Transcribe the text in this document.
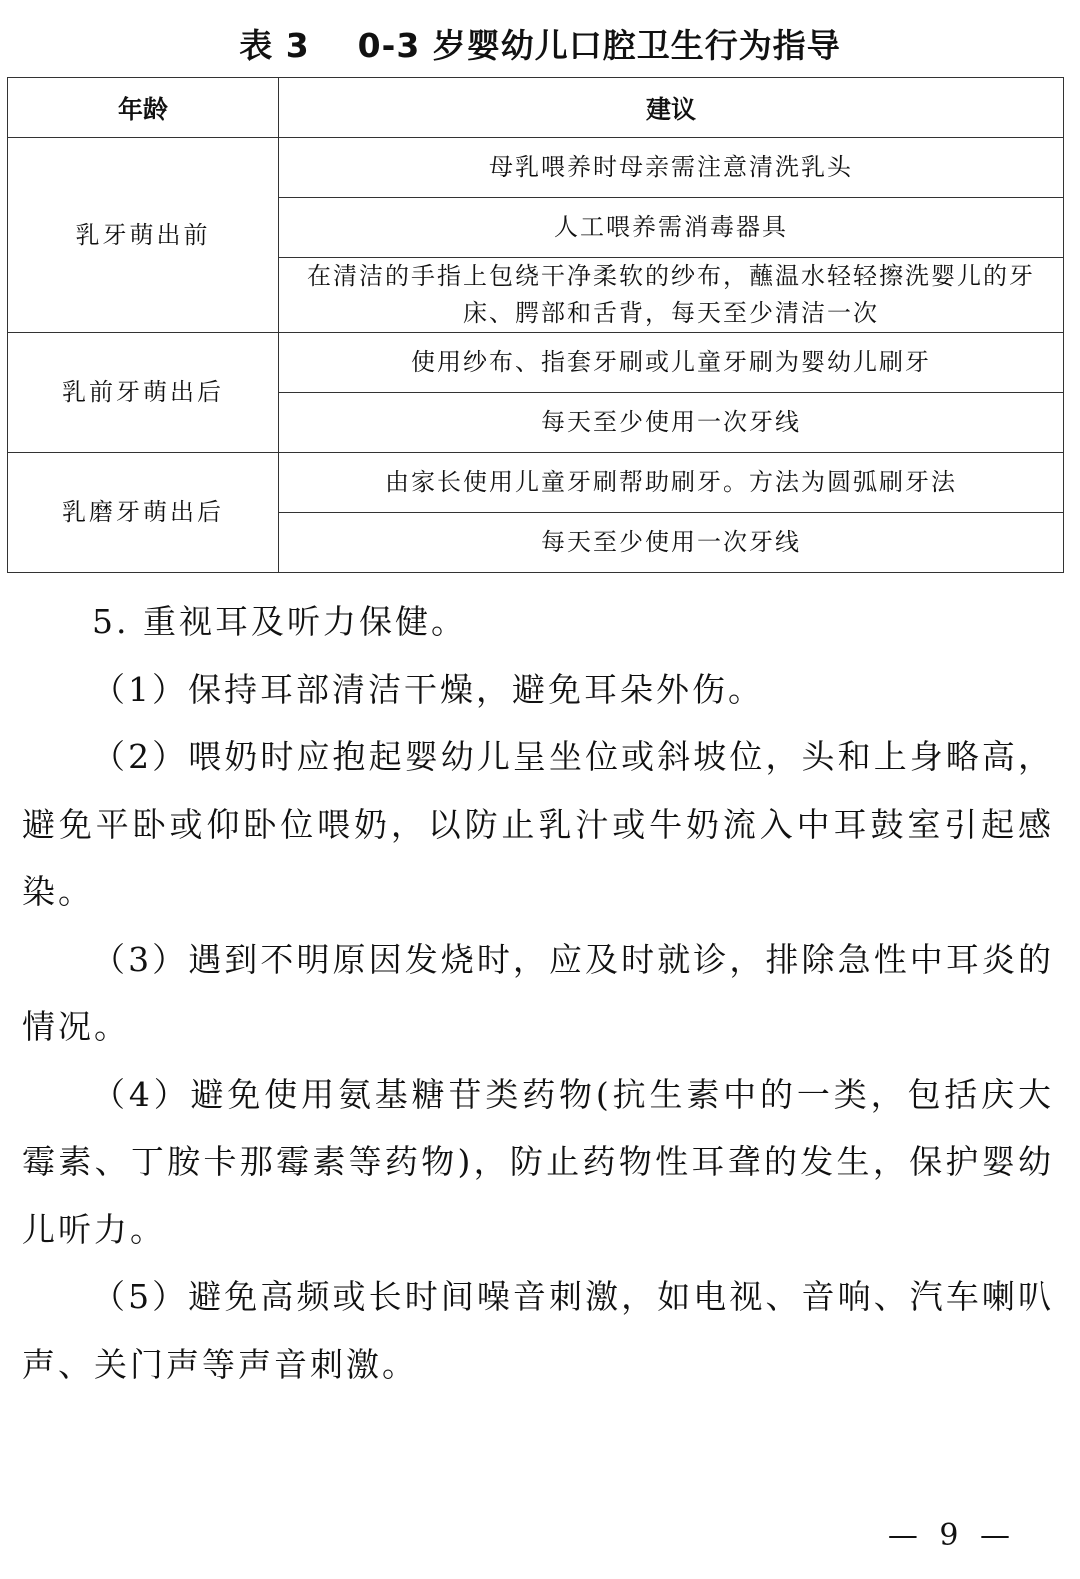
表 3 0-3 岁婴幼儿口腔卫生行为指导
年龄	建议
乳牙萌出前	母乳喂养时母亲需注意清洗乳头
	人工喂养需消毒器具
	在清洁的手指上包绕干净柔软的纱布，蘸温水轻轻擦洗婴儿的牙床、腭部和舌背，每天至少清洁一次
乳前牙萌出后	使用纱布、指套牙刷或儿童牙刷为婴幼儿刷牙
	每天至少使用一次牙线
乳磨牙萌出后	由家长使用儿童牙刷帮助刷牙。方法为圆弧刷牙法
	每天至少使用一次牙线

5. 重视耳及听力保健。

（1）保持耳部清洁干燥，避免耳朵外伤。

（2）喂奶时应抱起婴幼儿呈坐位或斜坡位，头和上身略高，避免平卧或仰卧位喂奶，以防止乳汁或牛奶流入中耳鼓室引起感染。

（3）遇到不明原因发烧时，应及时就诊，排除急性中耳炎的情况。

（4）避免使用氨基糖苷类药物(抗生素中的一类，包括庆大霉素、丁胺卡那霉素等药物)，防止药物性耳聋的发生，保护婴幼儿听力。

（5）避免高频或长时间噪音刺激，如电视、音响、汽车喇叭声、关门声等声音刺激。

— 9 —
